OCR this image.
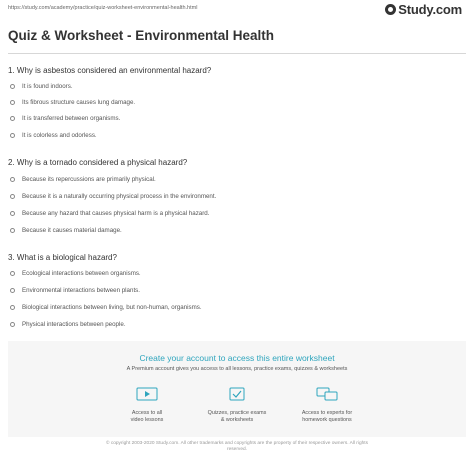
https://study.com/academy/practice/quiz-worksheet-environmental-health.html	Study.com
Quiz & Worksheet - Environmental Health
1. Why is asbestos considered an environmental hazard?
It is found indoors.
Its fibrous structure causes lung damage.
It is transferred between organisms.
It is colorless and odorless.
2. Why is a tornado considered a physical hazard?
Because its repercussions are primarily physical.
Because it is a naturally occurring physical process in the environment.
Because any hazard that causes physical harm is a physical hazard.
Because it causes material damage.
3. What is a biological hazard?
Ecological interactions between organisms.
Environmental interactions between plants.
Biological interactions between living, but non-human, organisms.
Physical interactions between people.
Create your account to access this entire worksheet
A Premium account gives you access to all lessons, practice exams, quizzes & worksheets
Access to all
video lessons
Quizzes, practice exams
& worksheets
Access to experts for
homework questions
© copyright 2003-2020 Study.com. All other trademarks and copyrights are the property of their respective owners. All rights
reserved.
